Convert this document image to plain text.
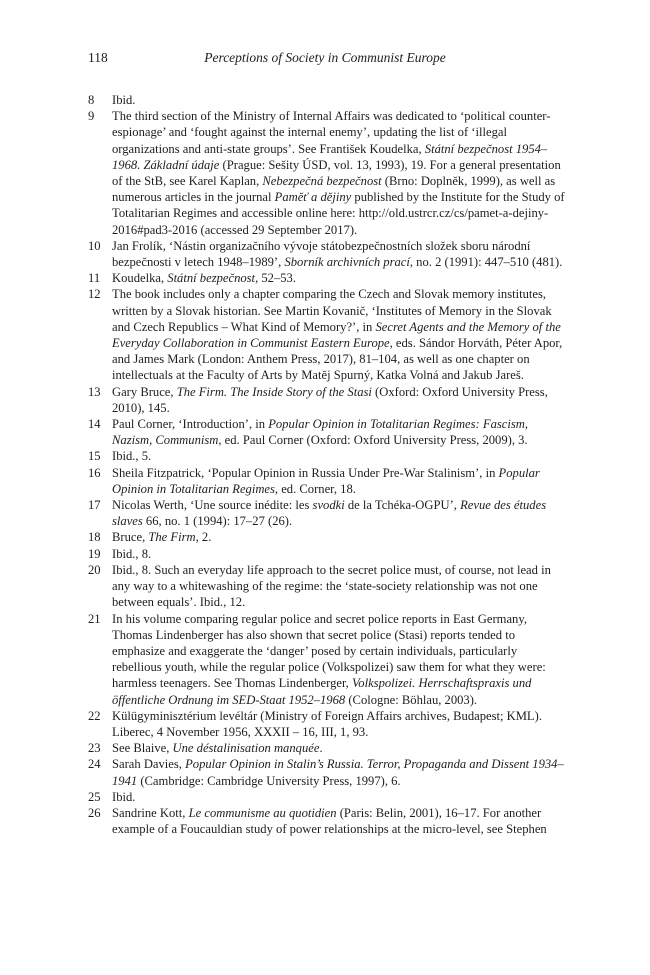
118	Perceptions of Society in Communist Europe
8 Ibid.
9 The third section of the Ministry of Internal Affairs was dedicated to ‘political counter-espionage’ and ‘fought against the internal enemy’, updating the list of ‘illegal organizations and anti-state groups’. See František Koudelka, Státní bezpečnost 1954–1968. Základní údaje (Prague: Sešity ÚSD, vol. 13, 1993), 19. For a general presentation of the StB, see Karel Kaplan, Nebezpečná bezpečnost (Brno: Doplněk, 1999), as well as numerous articles in the journal Paměť a dějiny published by the Institute for the Study of Totalitarian Regimes and accessible online here: http://old.ustrcr.cz/cs/pamet-a-dejiny-2016#pad3-2016 (accessed 29 September 2017).
10 Jan Frolík, ‘Nástin organizačního vývoje státobezpečnostních složek sboru národní bezpečnosti v letech 1948–1989’, Sborník archivních prací, no. 2 (1991): 447–510 (481).
11 Koudelka, Státní bezpečnost, 52–53.
12 The book includes only a chapter comparing the Czech and Slovak memory institutes, written by a Slovak historian. See Martin Kovanič, ‘Institutes of Memory in the Slovak and Czech Republics – What Kind of Memory?’, in Secret Agents and the Memory of the Everyday Collaboration in Communist Eastern Europe, eds. Sándor Horváth, Péter Apor, and James Mark (London: Anthem Press, 2017), 81–104, as well as one chapter on intellectuals at the Faculty of Arts by Matěj Spurný, Katka Volná and Jakub Jareš.
13 Gary Bruce, The Firm. The Inside Story of the Stasi (Oxford: Oxford University Press, 2010), 145.
14 Paul Corner, ‘Introduction’, in Popular Opinion in Totalitarian Regimes: Fascism, Nazism, Communism, ed. Paul Corner (Oxford: Oxford University Press, 2009), 3.
15 Ibid., 5.
16 Sheila Fitzpatrick, ‘Popular Opinion in Russia Under Pre-War Stalinism’, in Popular Opinion in Totalitarian Regimes, ed. Corner, 18.
17 Nicolas Werth, ‘Une source inédite: les svodki de la Tchéka-OGPU’, Revue des études slaves 66, no. 1 (1994): 17–27 (26).
18 Bruce, The Firm, 2.
19 Ibid., 8.
20 Ibid., 8. Such an everyday life approach to the secret police must, of course, not lead in any way to a whitewashing of the regime: the ‘state-society relationship was not one between equals’. Ibid., 12.
21 In his volume comparing regular police and secret police reports in East Germany, Thomas Lindenberger has also shown that secret police (Stasi) reports tended to emphasize and exaggerate the ‘danger’ posed by certain individuals, particularly rebellious youth, while the regular police (Volkspolizei) saw them for what they were: harmless teenagers. See Thomas Lindenberger, Volkspolizei. Herrschaftspraxis und öffentliche Ordnung im SED-Staat 1952–1968 (Cologne: Böhlau, 2003).
22 Külügyminisztérium levéltár (Ministry of Foreign Affairs archives, Budapest; KML). Liberec, 4 November 1956, XXXII – 16, III, 1, 93.
23 See Blaive, Une déstalinisation manquée.
24 Sarah Davies, Popular Opinion in Stalin’s Russia. Terror, Propaganda and Dissent 1934–1941 (Cambridge: Cambridge University Press, 1997), 6.
25 Ibid.
26 Sandrine Kott, Le communisme au quotidien (Paris: Belin, 2001), 16–17. For another example of a Foucauldian study of power relationships at the micro-level, see Stephen
